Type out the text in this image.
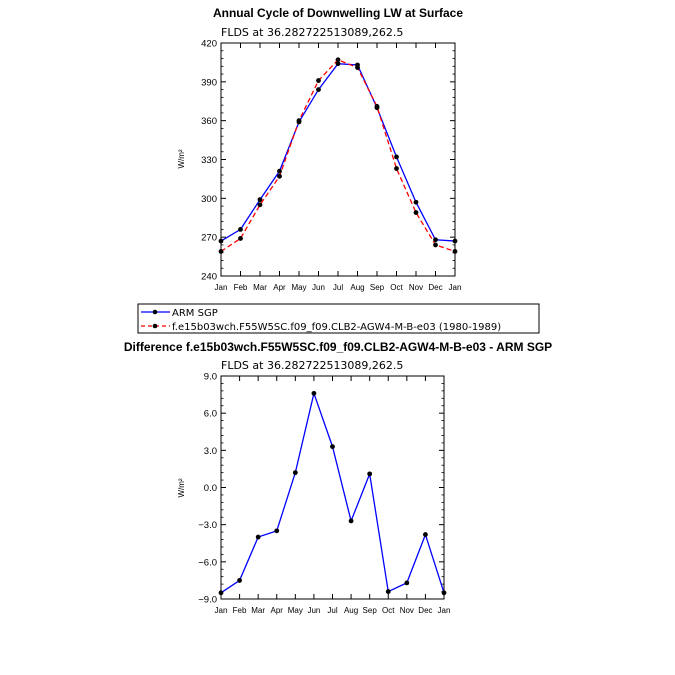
Annual Cycle of Downwelling LW at Surface
FLDS at 36.282722513089,262.5
W/m²
240
270
300
330
360
390
420
Jan Feb Mar Apr May Jun Jul Aug Sep Oct Nov Dec Jan
ARM SGP
f.e15b03wch.F55W5SC.f09_f09.CLB2-AGW4-M-B-e03 (1980-1989)
Difference f.e15b03wch.F55W5SC.f09_f09.CLB2-AGW4-M-B-e03 - ARM SGP
FLDS at 36.282722513089,262.5
W/m²
−9.0
−6.0
−3.0
0.0
3.0
6.0
9.0
Jan Feb Mar Apr May Jun Jul Aug Sep Oct Nov Dec Jan
